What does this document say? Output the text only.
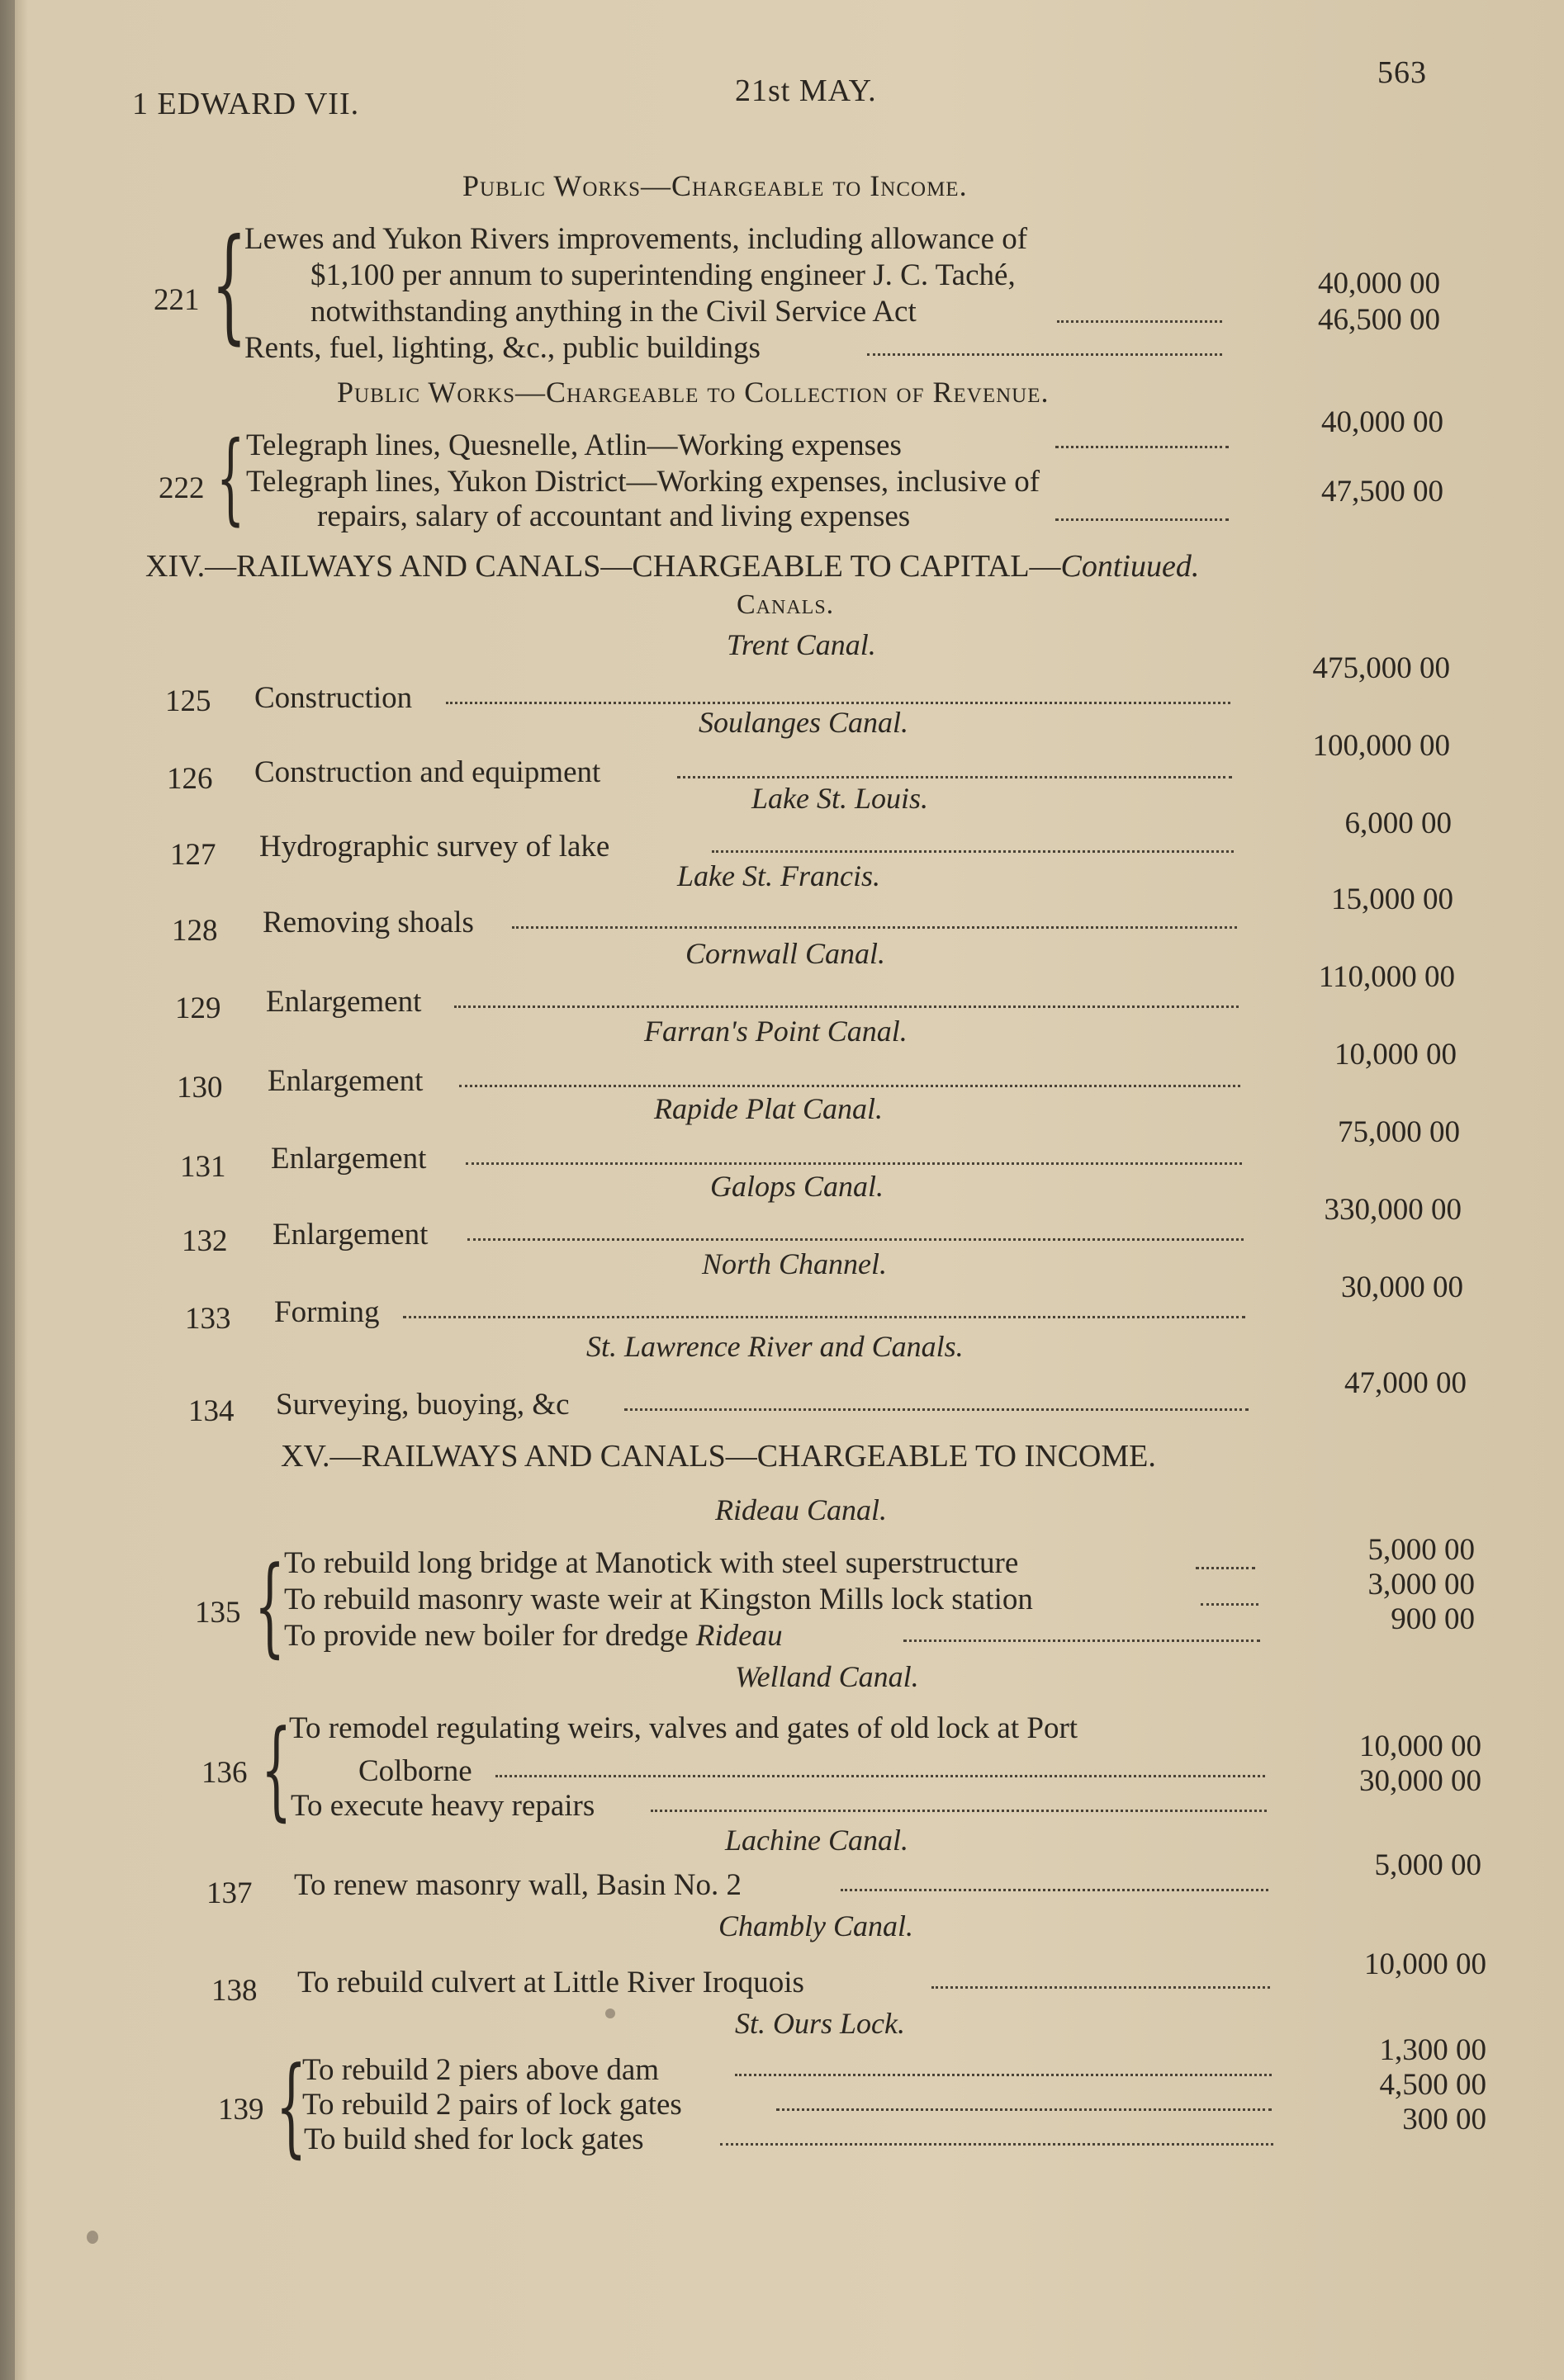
1 EDWARD VII.	21st MAY.
563
Public Works—Chargeable to Income.
221 {
Lewes and Yukon Rivers improvements, including allowance of
$1,100 per annum to superintending engineer J. C. Taché,
notwithstanding anything in the Civil Service Act
Rents, fuel, lighting, &c., public buildings
40,000 00
46,500 00
Public Works—Chargeable to Collection of Revenue.
222 { Telegraph lines, Quesnelle, Atlin—Working expenses
Telegraph lines, Yukon District—Working expenses, inclusive of
repairs, salary of accountant and living expenses
40,000 00
47,500 00
XIV.—RAILWAYS AND CANALS—CHARGEABLE TO CAPITAL—Contiuued.
Canals.
Trent Canal.
125 Construction
475,000 00
Soulanges Canal.
126 Construction and equipment
100,000 00
Lake St. Louis.
127 Hydrographic survey of lake
6,000 00
Lake St. Francis.
128 Removing shoals
15,000 00
Cornwall Canal.
129 Enlargement
110,000 00
Farran's Point Canal.
130 Enlargement
10,000 00
Rapide Plat Canal.
131 Enlargement
75,000 00
Galops Canal.
132 Enlargement
330,000 00
North Channel.
133 Forming
30,000 00
St. Lawrence River and Canals.
134 Surveying, buoying, &c
47,000 00
XV.—RAILWAYS AND CANALS—CHARGEABLE TO INCOME.
Rideau Canal.
135 {
To rebuild long bridge at Manotick with steel superstructure
To rebuild masonry waste weir at Kingston Mills lock station
To provide new boiler for dredge Rideau
5,000 00
3,000 00
900 00
Welland Canal.
136 {
To remodel regulating weirs, valves and gates of old lock at Port
Colborne
To execute heavy repairs
10,000 00
30,000 00
Lachine Canal.
137 To renew masonry wall, Basin No. 2
5,000 00
Chambly Canal.
138 To rebuild culvert at Little River Iroquois
10,000 00
St. Ours Lock.
139 {
To rebuild 2 piers above dam
To rebuild 2 pairs of lock gates
To build shed for lock gates
1,300 00
4,500 00
300 00
